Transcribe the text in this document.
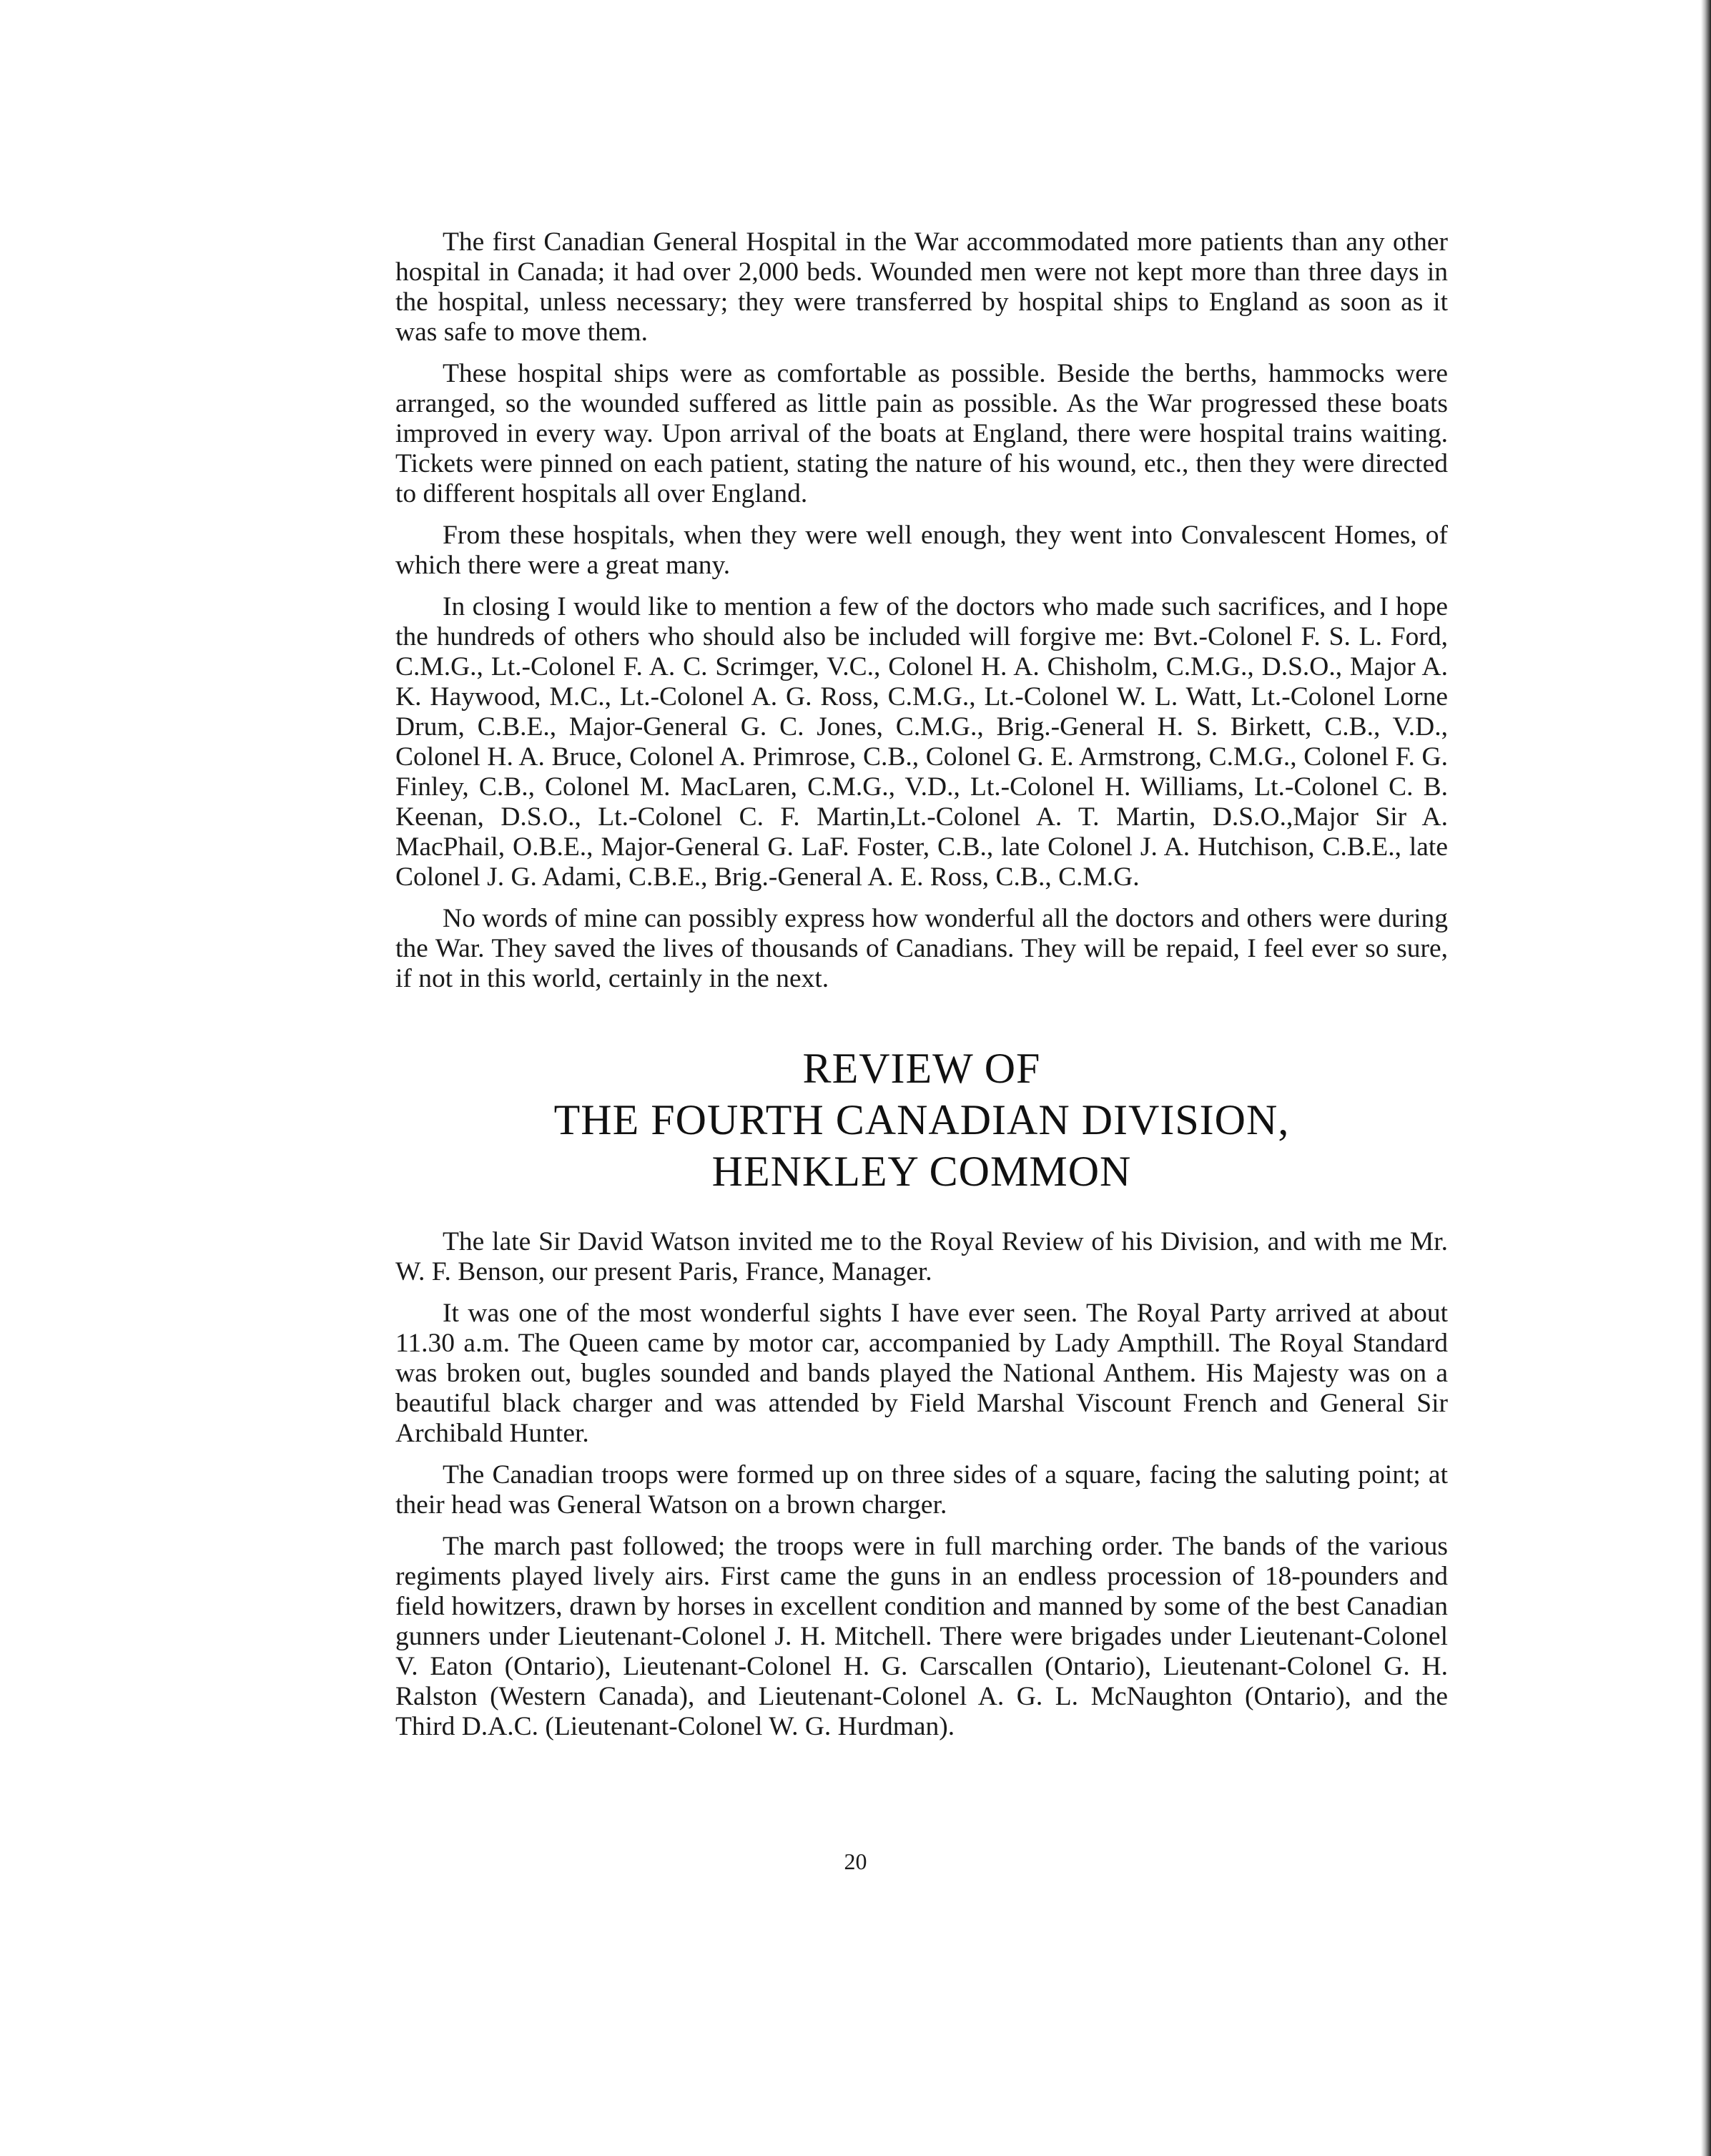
The first Canadian General Hospital in the War accommodated more patients than any other hospital in Canada; it had over 2,000 beds. Wounded men were not kept more than three days in the hospital, unless necessary; they were transferred by hospital ships to England as soon as it was safe to move them.

These hospital ships were as comfortable as possible. Beside the berths, hammocks were arranged, so the wounded suffered as little pain as possible. As the War progressed these boats improved in every way. Upon arrival of the boats at England, there were hospital trains waiting. Tickets were pinned on each patient, stating the nature of his wound, etc., then they were directed to different hospitals all over England.

From these hospitals, when they were well enough, they went into Convalescent Homes, of which there were a great many.

In closing I would like to mention a few of the doctors who made such sacrifices, and I hope the hundreds of others who should also be included will forgive me: Bvt.-Colonel F. S. L. Ford, C.M.G., Lt.-Colonel F. A. C. Scrimger, V.C., Colonel H. A. Chisholm, C.M.G., D.S.O., Major A. K. Haywood, M.C., Lt.-Colonel A. G. Ross, C.M.G., Lt.-Colonel W. L. Watt, Lt.-Colonel Lorne Drum, C.B.E., Major-General G. C. Jones, C.M.G., Brig.-General H. S. Birkett, C.B., V.D., Colonel H. A. Bruce, Colonel A. Primrose, C.B., Colonel G. E. Armstrong, C.M.G., Colonel F. G. Finley, C.B., Colonel M. MacLaren, C.M.G., V.D., Lt.-Colonel H. Williams, Lt.-Colonel C. B. Keenan, D.S.O., Lt.-Colonel C. F. Martin,Lt.-Colonel A. T. Martin, D.S.O.,Major Sir A. MacPhail, O.B.E., Major-General G. LaF. Foster, C.B., late Colonel J. A. Hutchison, C.B.E., late Colonel J. G. Adami, C.B.E., Brig.-General A. E. Ross, C.B., C.M.G.

No words of mine can possibly express how wonderful all the doctors and others were during the War. They saved the lives of thousands of Canadians. They will be repaid, I feel ever so sure, if not in this world, certainly in the next.

REVIEW OF
THE FOURTH CANADIAN DIVISION,
HENKLEY COMMON

The late Sir David Watson invited me to the Royal Review of his Division, and with me Mr. W. F. Benson, our present Paris, France, Manager.

It was one of the most wonderful sights I have ever seen. The Royal Party arrived at about 11.30 a.m. The Queen came by motor car, accompanied by Lady Ampthill. The Royal Standard was broken out, bugles sounded and bands played the National Anthem. His Majesty was on a beautiful black charger and was attended by Field Marshal Viscount French and General Sir Archibald Hunter.

The Canadian troops were formed up on three sides of a square, facing the saluting point; at their head was General Watson on a brown charger.

The march past followed; the troops were in full marching order. The bands of the various regiments played lively airs. First came the guns in an endless procession of 18-pounders and field howitzers, drawn by horses in excellent condition and manned by some of the best Canadian gunners under Lieutenant-Colonel J. H. Mitchell. There were brigades under Lieutenant-Colonel V. Eaton (Ontario), Lieutenant-Colonel H. G. Carscallen (Ontario), Lieutenant-Colonel G. H. Ralston (Western Canada), and Lieutenant-Colonel A. G. L. McNaughton (Ontario), and the Third D.A.C. (Lieutenant-Colonel W. G. Hurdman).

20
